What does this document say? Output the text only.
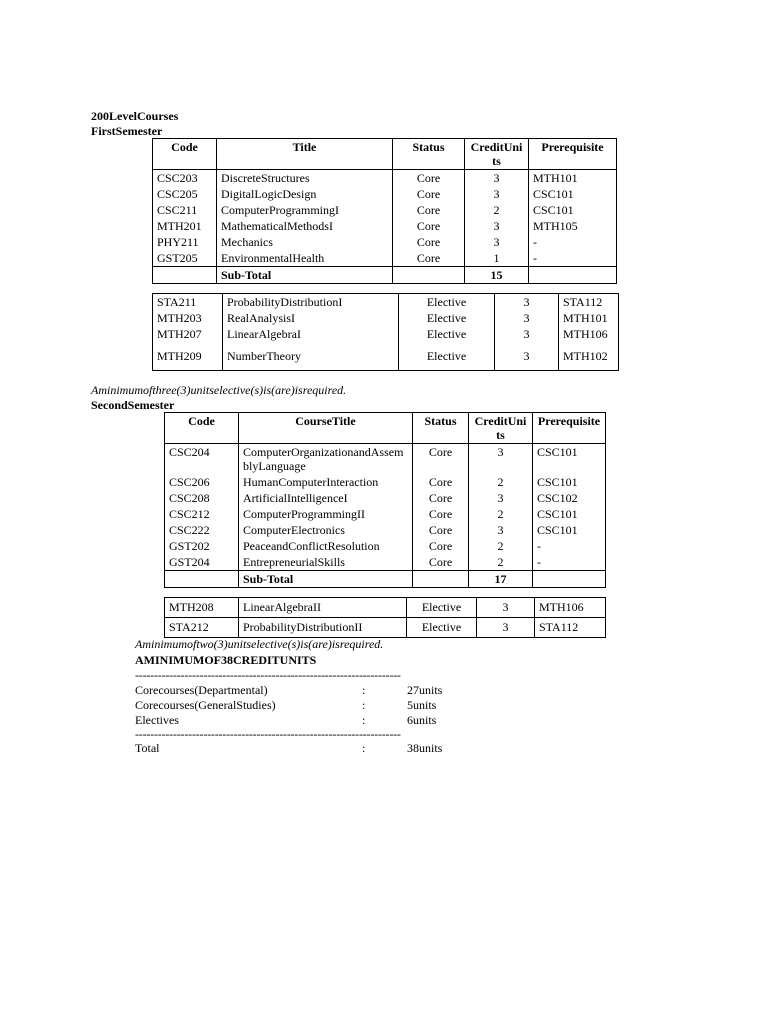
200LevelCourses
FirstSemester
Code	Title	Status	CreditUnits	Prerequisite
CSC203	DiscreteStructures	Core	3	MTH101
CSC205	DigitalLogicDesign	Core	3	CSC101
CSC211	ComputerProgrammingI	Core	2	CSC101
MTH201	MathematicalMethodsI	Core	3	MTH105
PHY211	Mechanics	Core	3	-
GST205	EnvironmentalHealth	Core	1	-
	Sub-Total		15	
STA211	ProbabilityDistributionI	Elective	3	STA112
MTH203	RealAnalysisI	Elective	3	MTH101
MTH207	LinearAlgebraI	Elective	3	MTH106
MTH209	NumberTheory	Elective	3	MTH102
Aminimumofthree(3)unitselective(s)is(are)isrequired.
SecondSemester
Code	CourseTitle	Status	CreditUnits	Prerequisite
CSC204	ComputerOrganizationandAssemblyLanguage	Core	3	CSC101
CSC206	HumanComputerInteraction	Core	2	CSC101
CSC208	ArtificialIntelligenceI	Core	3	CSC102
CSC212	ComputerProgrammingII	Core	2	CSC101
CSC222	ComputerElectronics	Core	3	CSC101
GST202	PeaceandConflictResolution	Core	2	-
GST204	EntrepreneurialSkills	Core	2	-
	Sub-Total		17	
MTH208	LinearAlgebraII	Elective	3	MTH106
STA212	ProbabilityDistributionII	Elective	3	STA112
Aminimumoftwo(3)unitselective(s)is(are)isrequired.
AMINIMUMOF38CREDITUNITS
----------------------------------------------------------------------
Corecourses(Departmental)	:	27units
Corecourses(GeneralStudies)	:	5units
Electives	:	6units
----------------------------------------------------------------------
Total	:	38units
